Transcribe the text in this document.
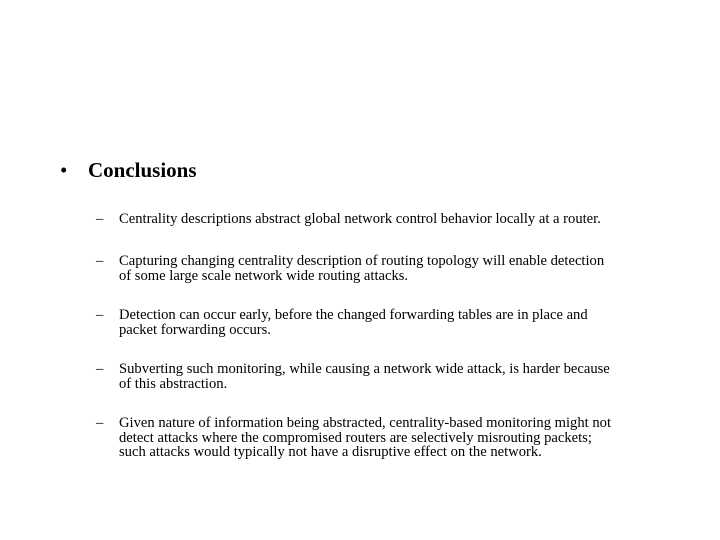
• Conclusions
–	Centrality descriptions abstract global network control behavior locally at a router.
–	Capturing changing centrality description of routing topology will enable detection
of some large scale network wide routing attacks.
–	Detection can occur early, before the changed forwarding tables are in place and
packet forwarding occurs.
–	Subverting such monitoring, while causing a network wide attack, is harder because
of this abstraction.
–	Given nature of information being abstracted, centrality-based monitoring might not
detect attacks where the compromised routers are selectively misrouting packets;
such attacks would typically not have a disruptive effect on the network.
